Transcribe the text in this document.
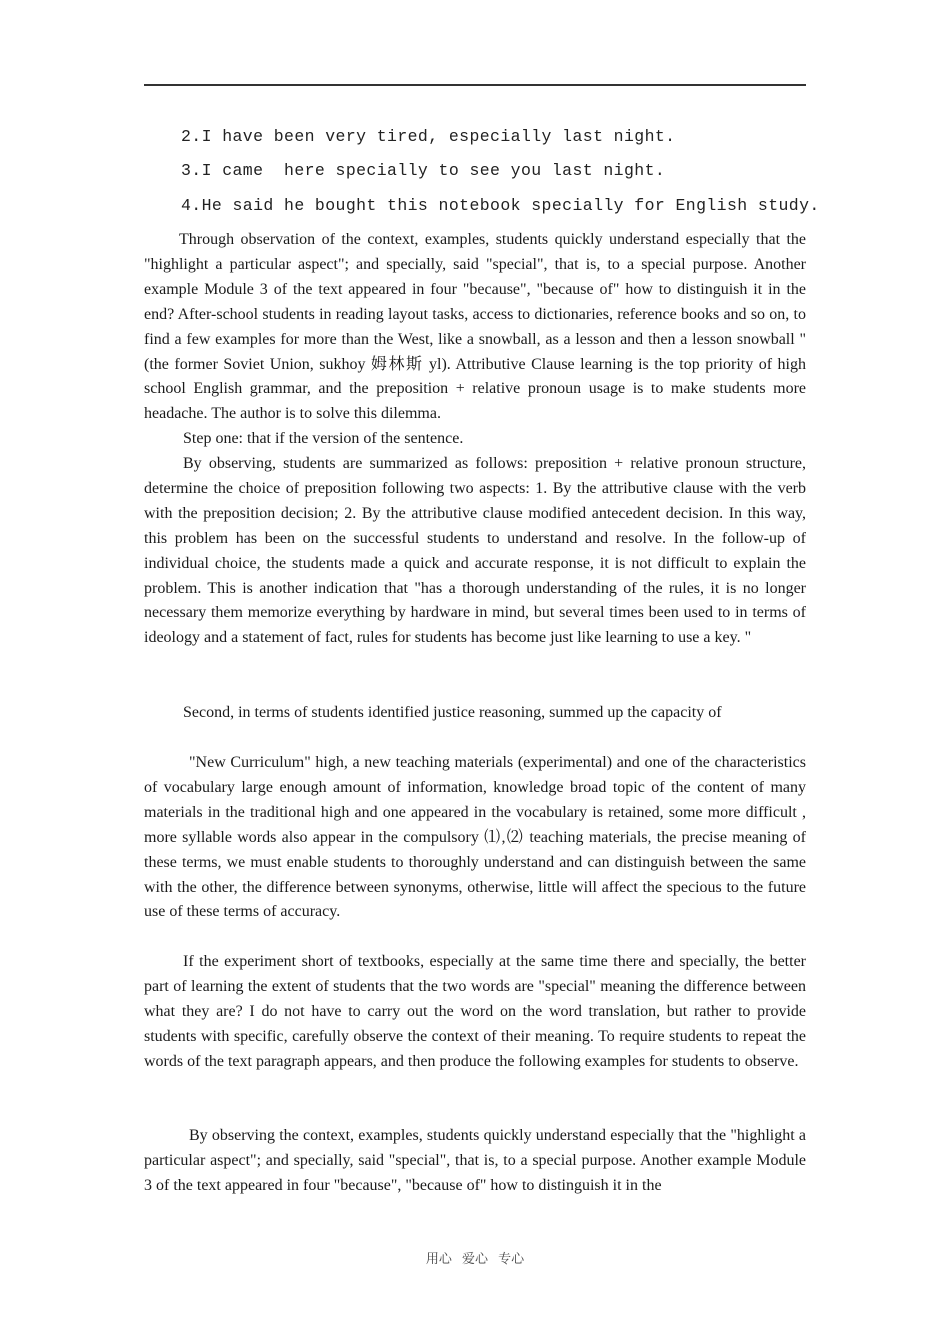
2.I have been very tired, especially last night.
3.I came  here specially to see you last night.
4.He said he bought this notebook specially for English study.

Through observation of the context, examples, students quickly understand especially that the "highlight a particular aspect"; and specially, said "special", that is, to a special purpose. Another example Module 3 of the text appeared in four "because", "because of" how to distinguish it in the end? After-school students in reading layout tasks, access to dictionaries, reference books and so on, to find a few examples for more than the West, like a snowball, as a lesson and then a lesson snowball "(the former Soviet Union, sukhoy 姆林斯 yl). Attributive Clause learning is the top priority of high school English grammar, and the preposition + relative pronoun usage is to make students more headache. The author is to solve this dilemma.

Step one: that if the version of the sentence.

By observing, students are summarized as follows: preposition + relative pronoun structure, determine the choice of preposition following two aspects: 1. By the attributive clause with the verb with the preposition decision; 2. By the attributive clause modified antecedent decision. In this way, this problem has been on the successful students to understand and resolve. In the follow-up of individual choice, the students made a quick and accurate response, it is not difficult to explain the problem. This is another indication that "has a thorough understanding of the rules, it is no longer necessary them memorize everything by hardware in mind, but several times been used to in terms of ideology and a statement of fact, rules for students has become just like learning to use a key. "

Second, in terms of students identified justice reasoning, summed up the capacity of

"New Curriculum" high, a new teaching materials (experimental) and one of the characteristics of vocabulary large enough amount of information, knowledge broad topic of the content of many materials in the traditional high and one appeared in the vocabulary is retained, some more difficult , more syllable words also appear in the compulsory ⑴,⑵ teaching materials, the precise meaning of these terms, we must enable students to thoroughly understand and can distinguish between the same with the other, the difference between synonyms, otherwise, little will affect the specious to the future use of these terms of accuracy.

If the experiment short of textbooks, especially at the same time there and specially, the better part of learning the extent of students that the two words are "special" meaning the difference between what they are? I do not have to carry out the word on the word translation, but rather to provide students with specific, carefully observe the context of their meaning. To require students to repeat the words of the text paragraph appears, and then produce the following examples for students to observe.

By observing the context, examples, students quickly understand especially that the "highlight a particular aspect"; and specially, said "special", that is, to a special purpose. Another example Module 3 of the text appeared in four "because", "because of" how to distinguish it in the

用心 爱心 专心
